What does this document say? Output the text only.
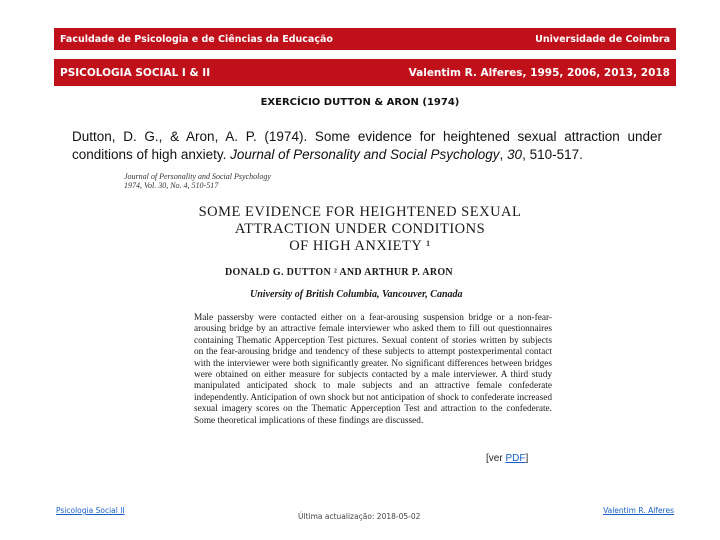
Faculdade de Psicologia e de Ciências da Educação	Universidade de Coimbra
PSICOLOGIA SOCIAL I & II	Valentim R. Alferes, 1995, 2006, 2013, 2018
EXERCÍCIO DUTTON & ARON (1974)
Dutton, D. G., & Aron, A. P. (1974). Some evidence for heightened sexual attraction under conditions of high anxiety. Journal of Personality and Social Psychology, 30, 510-517.
Journal of Personality and Social Psychology
1974, Vol. 30, No. 4, 510-517
SOME EVIDENCE FOR HEIGHTENED SEXUAL
ATTRACTION UNDER CONDITIONS
OF HIGH ANXIETY ¹
DONALD G. DUTTON ² AND ARTHUR P. ARON
University of British Columbia, Vancouver, Canada
Male passersby were contacted either on a fear-arousing suspension bridge or a non-fear-arousing bridge by an attractive female interviewer who asked them to fill out questionnaires containing Thematic Apperception Test pictures. Sexual content of stories written by subjects on the fear-arousing bridge and tendency of these subjects to attempt postexperimental contact with the interviewer were both significantly greater. No significant differences between bridges were obtained on either measure for subjects contacted by a male interviewer. A third study manipulated anticipated shock to male subjects and an attractive female confederate independently. Anticipation of own shock but not anticipation of shock to confederate increased sexual imagery scores on the Thematic Apperception Test and attraction to the confederate. Some theoretical implications of these findings are discussed.
[ver PDF]
Psicologia Social II
Última actualização: 2018-05-02
Valentim R. Alferes
